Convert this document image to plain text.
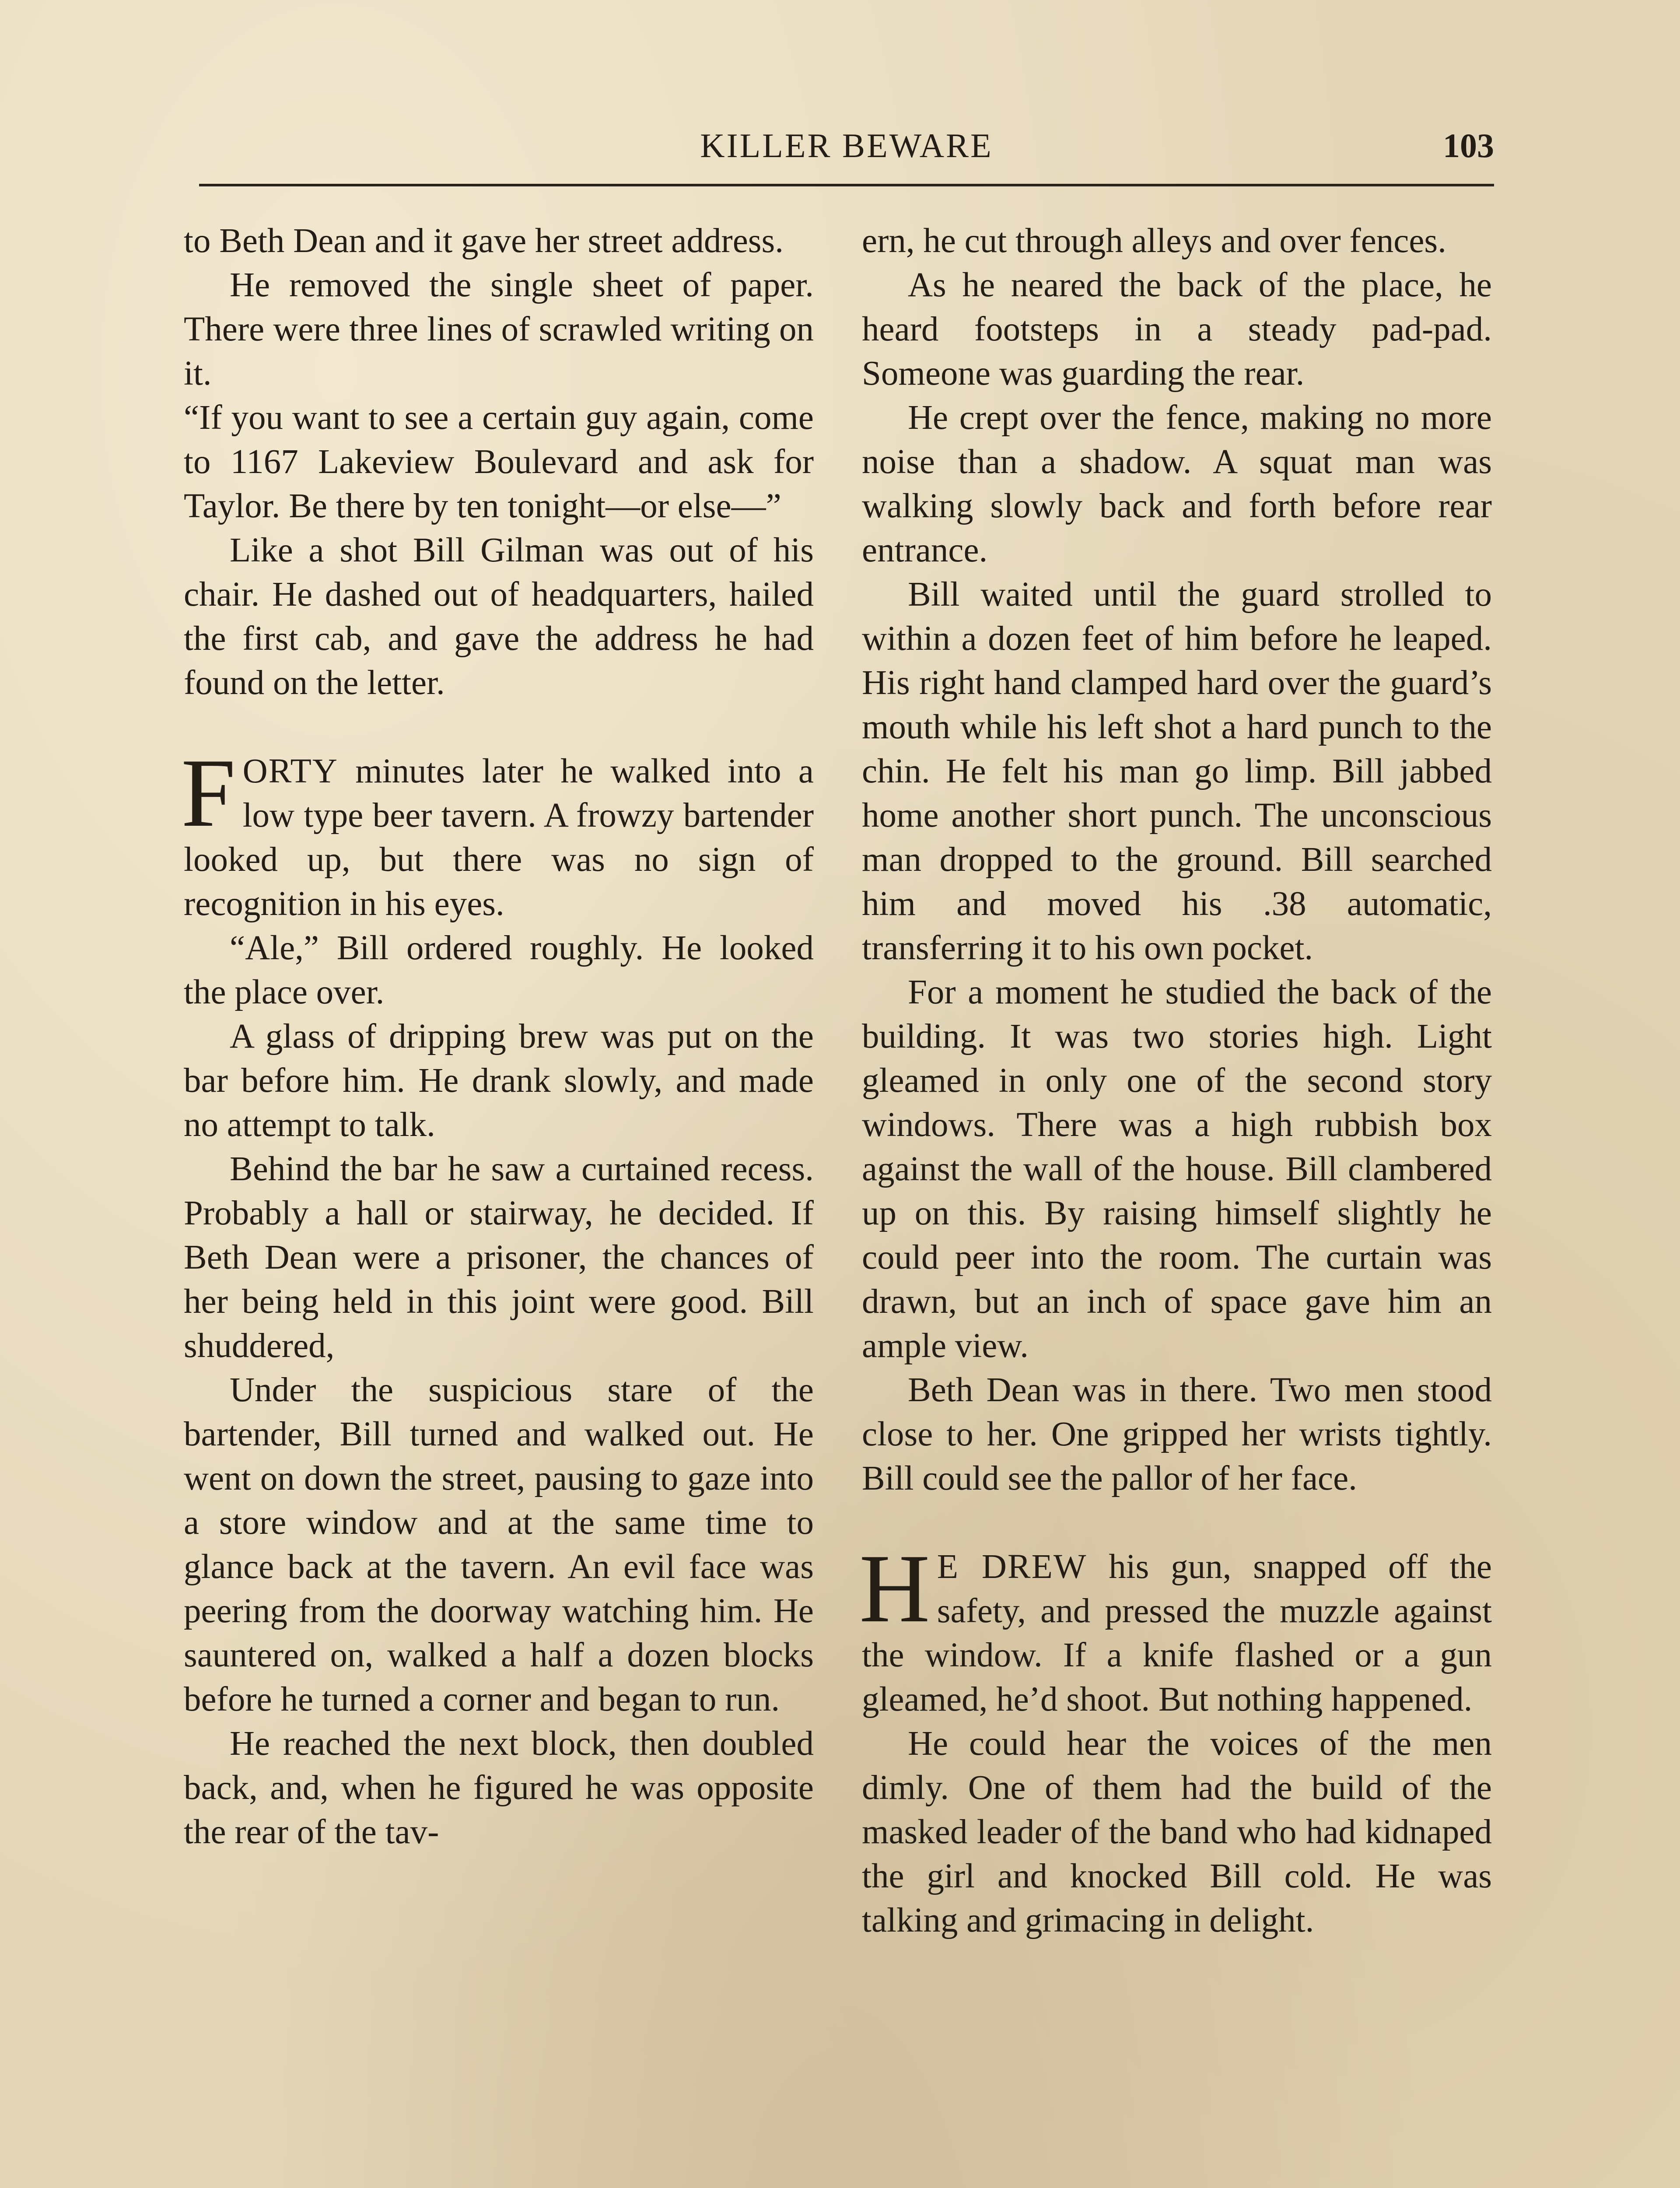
KILLER BEWARE	103

to Beth Dean and it gave her street address.

He removed the single sheet of paper. There were three lines of scrawled writing on it.

“If you want to see a certain guy again, come to 1167 Lakeview Boulevard and ask for Taylor. Be there by ten tonight—or else—”

Like a shot Bill Gilman was out of his chair. He dashed out of headquarters, hailed the first cab, and gave the address he had found on the letter.

FORTY minutes later he walked into a low type beer tavern. A frowzy bartender looked up, but there was no sign of recognition in his eyes.

“Ale,” Bill ordered roughly. He looked the place over.

A glass of dripping brew was put on the bar before him. He drank slowly, and made no attempt to talk.

Behind the bar he saw a curtained recess. Probably a hall or stairway, he decided. If Beth Dean were a prisoner, the chances of her being held in this joint were good. Bill shuddered,

Under the suspicious stare of the bartender, Bill turned and walked out. He went on down the street, pausing to gaze into a store window and at the same time to glance back at the tavern. An evil face was peering from the doorway watching him. He sauntered on, walked a half a dozen blocks before he turned a corner and began to run.

He reached the next block, then doubled back, and, when he figured he was opposite the rear of the tav-

ern, he cut through alleys and over fences.

As he neared the back of the place, he heard footsteps in a steady pad-pad. Someone was guarding the rear.

He crept over the fence, making no more noise than a shadow. A squat man was walking slowly back and forth before rear entrance.

Bill waited until the guard strolled to within a dozen feet of him before he leaped. His right hand clamped hard over the guard’s mouth while his left shot a hard punch to the chin. He felt his man go limp. Bill jabbed home another short punch. The unconscious man dropped to the ground. Bill searched him and moved his .38 automatic, transferring it to his own pocket.

For a moment he studied the back of the building. It was two stories high. Light gleamed in only one of the second story windows. There was a high rubbish box against the wall of the house. Bill clambered up on this. By raising himself slightly he could peer into the room. The curtain was drawn, but an inch of space gave him an ample view.

Beth Dean was in there. Two men stood close to her. One gripped her wrists tightly. Bill could see the pallor of her face.

H E DREW his gun, snapped off the safety, and pressed the muzzle against the window. If a knife flashed or a gun gleamed, he’d shoot. But nothing happened.

He could hear the voices of the men dimly. One of them had the build of the masked leader of the band who had kidnaped the girl and knocked Bill cold. He was talking and grimacing in delight.
